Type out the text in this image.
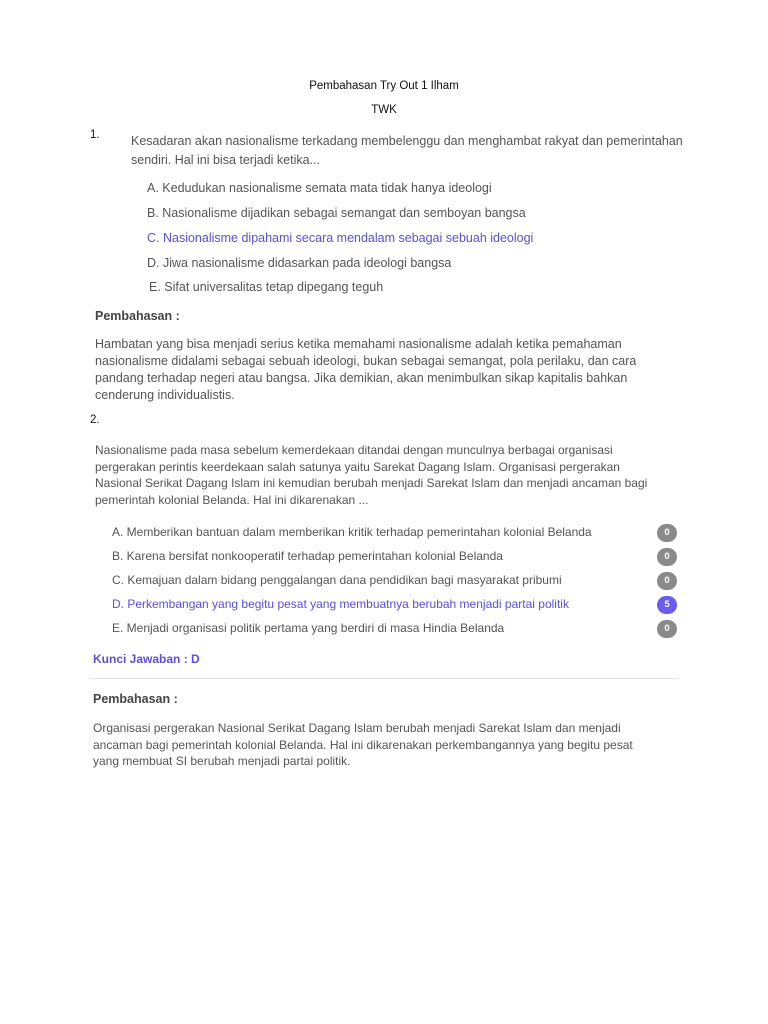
Pembahasan Try Out 1 Ilham
TWK
1.	Kesadaran akan nasionalisme terkadang membelenggu dan menghambat rakyat dan pemerintahan
sendiri. Hal ini bisa terjadi ketika...
A. Kedudukan nasionalisme semata mata tidak hanya ideologi
B. Nasionalisme dijadikan sebagai semangat dan semboyan bangsa
C. Nasionalisme dipahami secara mendalam sebagai sebuah ideologi
D. Jiwa nasionalisme didasarkan pada ideologi bangsa
E. Sifat universalitas tetap dipegang teguh
Pembahasan :
Hambatan yang bisa menjadi serius ketika memahami nasionalisme adalah ketika pemahaman
nasionalisme didalami sebagai sebuah ideologi, bukan sebagai semangat, pola perilaku, dan cara
pandang terhadap negeri atau bangsa. Jika demikian, akan menimbulkan sikap kapitalis bahkan
cenderung individualistis.
2.
Nasionalisme pada masa sebelum kemerdekaan ditandai dengan munculnya berbagai organisasi
pergerakan perintis keerdekaan salah satunya yaitu Sarekat Dagang Islam. Organisasi pergerakan
Nasional Serikat Dagang Islam ini kemudian berubah menjadi Sarekat Islam dan menjadi ancaman bagi
pemerintah kolonial Belanda. Hal ini dikarenakan ...
A. Memberikan bantuan dalam memberikan kritik terhadap pemerintahan kolonial Belanda	0
B. Karena bersifat nonkooperatif terhadap pemerintahan kolonial Belanda	0
C. Kemajuan dalam bidang penggalangan dana pendidikan bagi masyarakat pribumi	0
D. Perkembangan yang begitu pesat yang membuatnya berubah menjadi partai politik	5
E. Menjadi organisasi politik pertama yang berdiri di masa Hindia Belanda	0
Kunci Jawaban : D
Pembahasan :
Organisasi pergerakan Nasional Serikat Dagang Islam berubah menjadi Sarekat Islam dan menjadi
ancaman bagi pemerintah kolonial Belanda. Hal ini dikarenakan perkembangannya yang begitu pesat
yang membuat SI berubah menjadi partai politik.
